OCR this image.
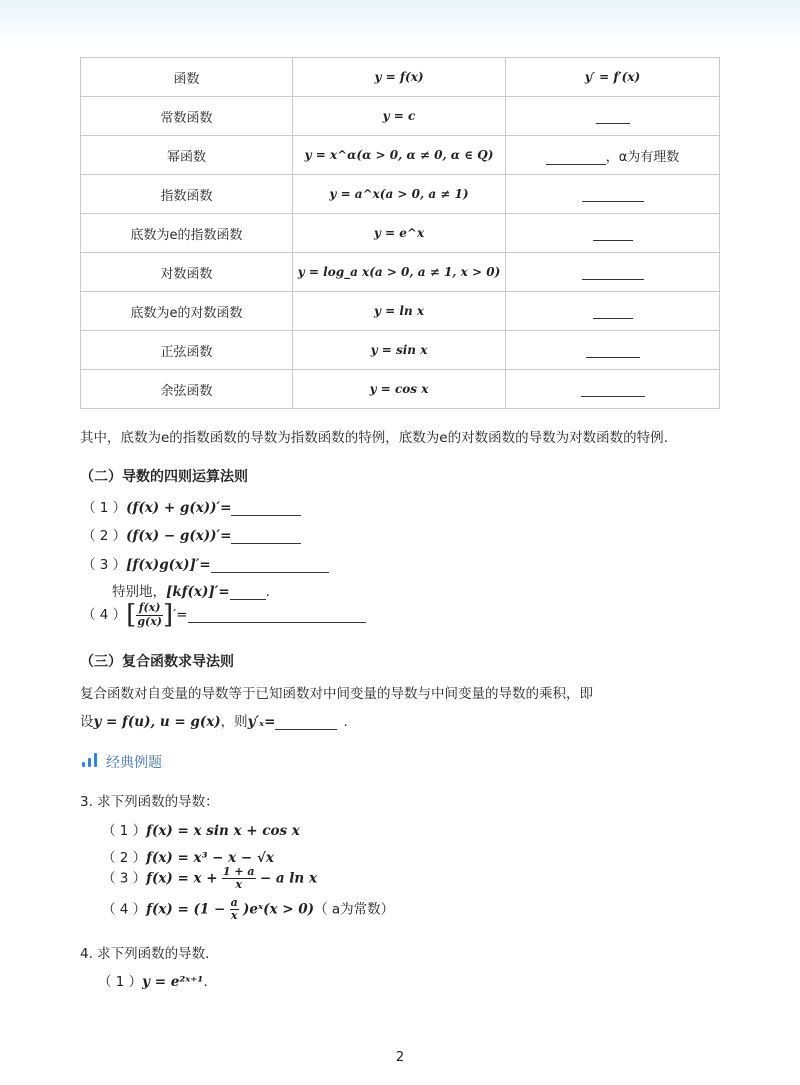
函数	y = f(x)	y′ = f′(x)
常数函数	y = c	
幂函数	y = x^α(α > 0, α ≠ 0, α ∈ Q)	，α为有理数
指数函数	y = a^x(a > 0, a ≠ 1)	
底数为e的指数函数	y = e^x	
对数函数	y = log_a x(a > 0, a ≠ 1, x > 0)	
底数为e的对数函数	y = ln x	
正弦函数	y = sin x	
余弦函数	y = cos x	
其中，底数为e的指数函数的导数为指数函数的特例，底数为e的对数函数的导数为对数函数的特例.
（二）导数的四则运算法则
（ 1 ）(f(x) + g(x))′=
（ 2 ）(f(x) − g(x))′=
（ 3 ）[f(x)g(x)]′=
特别地，[kf(x)]′=	.
（ 4 ）[ $\frac{f(x)}{g(x)}$ ]′=
（三）复合函数求导法则
复合函数对自变量的导数等于已知函数对中间变量的导数与中间变量的导数的乘积，即
设y = f(u), u = g(x)，则y′ₓ=	.
经典例题
3. 求下列函数的导数：
（ 1 ）f(x) = x sin x + cos x
（ 2 ）f(x) = x³ − x − √x
（ 3 ）$f(x) = x + \frac{1 + a}{x} - a$ ln x
（ 4 ）$f(x) = (1 - \frac{a}{x}$ )eˣ(x > 0)（ a为常数）
4. 求下列函数的导数．
（ 1 ）y = e²ˣ⁺¹.
2
